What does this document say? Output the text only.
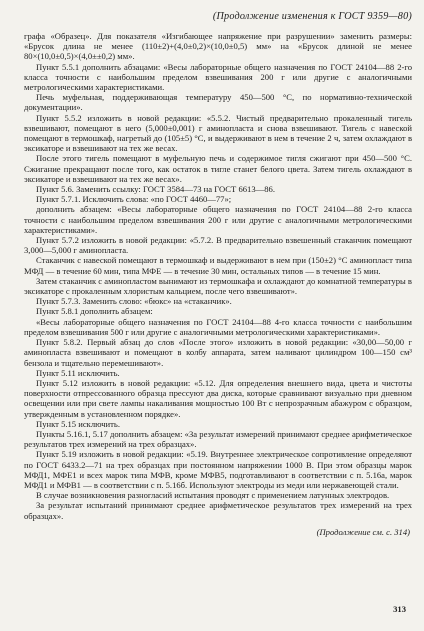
(Продолжение изменения к ГОСТ 9359—80)

графа «Образец». Для показателя «Изгибающее напряжение при разрушении» заменить размеры: «Брусок длина не менее (110±2)+(4,0±0,2)×(10,0±0,5) мм» на «Брусок длиной не менее 80×(10,0±0,5)×(4,0±±0,2) мм».

Пункт 5.5.1 дополнить абзацами: «Весы лабораторные общего назначения по ГОСТ 24104—88 2-го класса точности с наибольшим пределом взвешивания 200 г или другие с аналогичными метрологическими характеристиками.

Печь муфельная, поддерживающая температуру 450—500 °С, по нормативно-технической документации».

Пункт 5.5.2 изложить в новой редакции: «5.5.2. Чистый предварительно прокаленный тигель взвешивают, помещают в него (5,000±0,001) г аминопласта и снова взвешивают. Тигель с навеской помещают в термошкаф, нагретый до (105±5) °С, и выдерживают в нем в течение 2 ч, затем охлаждают в эксикаторе и взвешивают на тех же весах.

После этого тигель помещают в муфельную печь и содержимое тигля сжигают при 450—500 °С. Сжигание прекращают после того, как остаток в тигле станет белого цвета. Затем тигель охлаждают в эксикаторе и взвешивают на тех же весах».

Пункт 5.6. Заменить ссылку: ГОСТ 3584—73 на ГОСТ 6613—86.

Пункт 5.7.1. Исключить слова: «по ГОСТ 4460—77»;

дополнить абзацем: «Весы лабораторные общего назначения по ГОСТ 24104—88 2-го класса точности с наибольшим пределом взвешивания 200 г или другие с аналогичными метрологическими характеристиками».

Пункт 5.7.2 изложить в новой редакции: «5.7.2. В предварительно взвешенный стаканчик помещают 3,000—5,000 г аминопласта.

Стаканчик с навеской помещают в термошкаф и выдерживают в нем при (150±2) °С аминопласт типа МФД — в течение 60 мин, типа МФЕ — в течение 30 мин, остальных типов — в течение 15 мин.

Затем стаканчик с аминопластом вынимают из термошкафа и охлаждают до комнатной температуры в эксикаторе с прокаленным хлористым кальцием, после чего взвешивают».

Пункт 5.7.3. Заменить слово: «бюкс» на «стаканчик».

Пункт 5.8.1 дополнить абзацем:

«Весы лабораторные общего назначения по ГОСТ 24104—88 4-го класса точности с наибольшим пределом взвешивания 500 г или другие с аналогичными метрологическими характеристиками».

Пункт 5.8.2. Первый абзац до слов «После этого» изложить в новой редакции: «30,00—50,00 г аминопласта взвешивают и помещают в колбу аппарата, затем наливают цилиндром 100—150 см³ бензола и тщательно перемешивают».

Пункт 5.11 исключить.

Пункт 5.12 изложить в новой редакции: «5.12. Для определения внешнего вида, цвета и чистоты поверхности отпрессованного образца прессуют два диска, которые сравнивают визуально при дневном освещении или при свете лампы накаливания мощностью 100 Вт с непрозрачным абажуром с образцом, утвержденным в установленном порядке».

Пункт 5.15 исключить.

Пункты 5.16.1, 5.17 дополнить абзацем: «За результат измерений принимают среднее арифметическое результатов трех измерений на трех образцах».

Пункт 5.19 изложить в новой редакции: «5.19. Внутреннее электрическое сопротивление определяют по ГОСТ 6433.2—71 на трех образцах при постоянном напряжении 1000 В. При этом образцы марок МФД1, МФЕ1 и всех марок типа МФВ, кроме МФВ5, подготавливают в соответствии с п. 5.16а, марок МФД1 и МФВ1 — в соответствии с п. 5.16б. Используют электроды из меди или нержавеющей стали.

В случае возникновения разногласий испытания проводят с применением латунных электродов.

За результат испытаний принимают среднее арифметическое результатов трех измерений на трех образцах».

(Продолжение см. с. 314)
313
